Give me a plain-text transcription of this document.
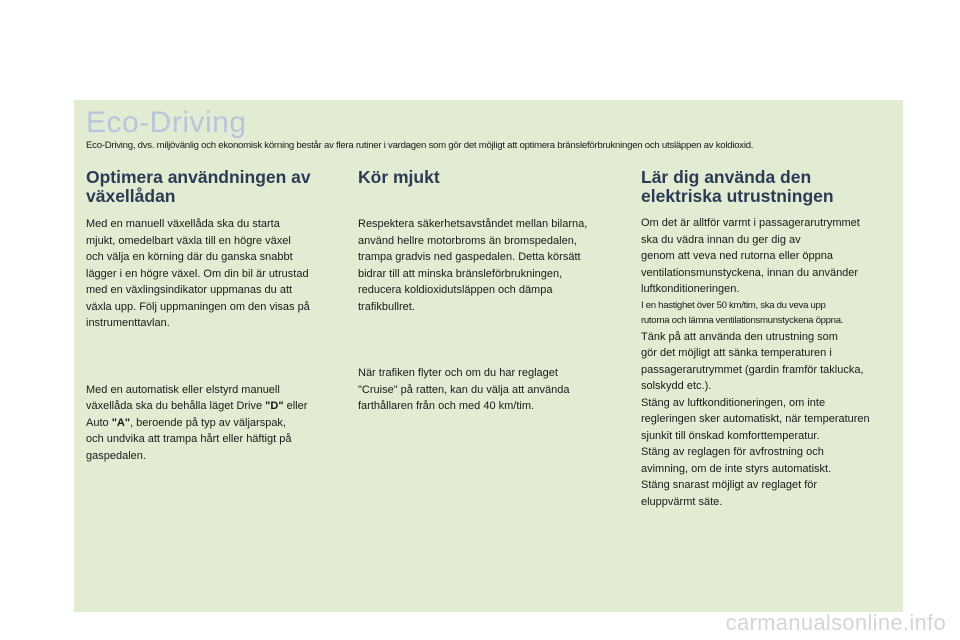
Eco-Driving

Eco-Driving, dvs. miljövänlig och ekonomisk körning består av flera rutiner i vardagen som gör det möjligt att optimera bränsleförbrukningen och utsläppen av koldioxid.

Optimera användningen av
växellådan

Med en manuell växellåda ska du starta
mjukt, omedelbart växla till en högre växel
och välja en körning där du ganska snabbt
lägger i en högre växel. Om din bil är utrustad
med en växlingsindikator uppmanas du att
växla upp. Följ uppmaningen om den visas på
instrumenttavlan.

Med en automatisk eller elstyrd manuell
växellåda ska du behålla läget Drive "D" eller
Auto "A", beroende på typ av väljarspak,
och undvika att trampa hårt eller häftigt på
gaspedalen.

Kör mjukt

Respektera säkerhetsavståndet mellan bilarna,
använd hellre motorbroms än bromspedalen,
trampa gradvis ned gaspedalen. Detta körsätt
bidrar till att minska bränsleförbrukningen,
reducera koldioxidutsläppen och dämpa
trafikbullret.

När trafiken flyter och om du har reglaget
"Cruise" på ratten, kan du välja att använda
farthållaren från och med 40 km/tim.

Lär dig använda den
elektriska utrustningen

Om det är alltför varmt i passagerarutrymmet
ska du vädra innan du ger dig av
genom att veva ned rutorna eller öppna
ventilationsmunstyckena, innan du använder
luftkonditioneringen.

I en hastighet över 50 km/tim, ska du veva upp
rutorna och lämna ventilationsmunstyckena öppna.

Tänk på att använda den utrustning som
gör det möjligt att sänka temperaturen i
passagerarutrymmet (gardin framför taklucka,
solskydd etc.).
Stäng av luftkonditioneringen, om inte
regleringen sker automatiskt, när temperaturen
sjunkit till önskad komforttemperatur.
Stäng av reglagen för avfrostning och
avimning, om de inte styrs automatiskt.
Stäng snarast möjligt av reglaget för
eluppvärmt säte.

carmanualsonline.info
